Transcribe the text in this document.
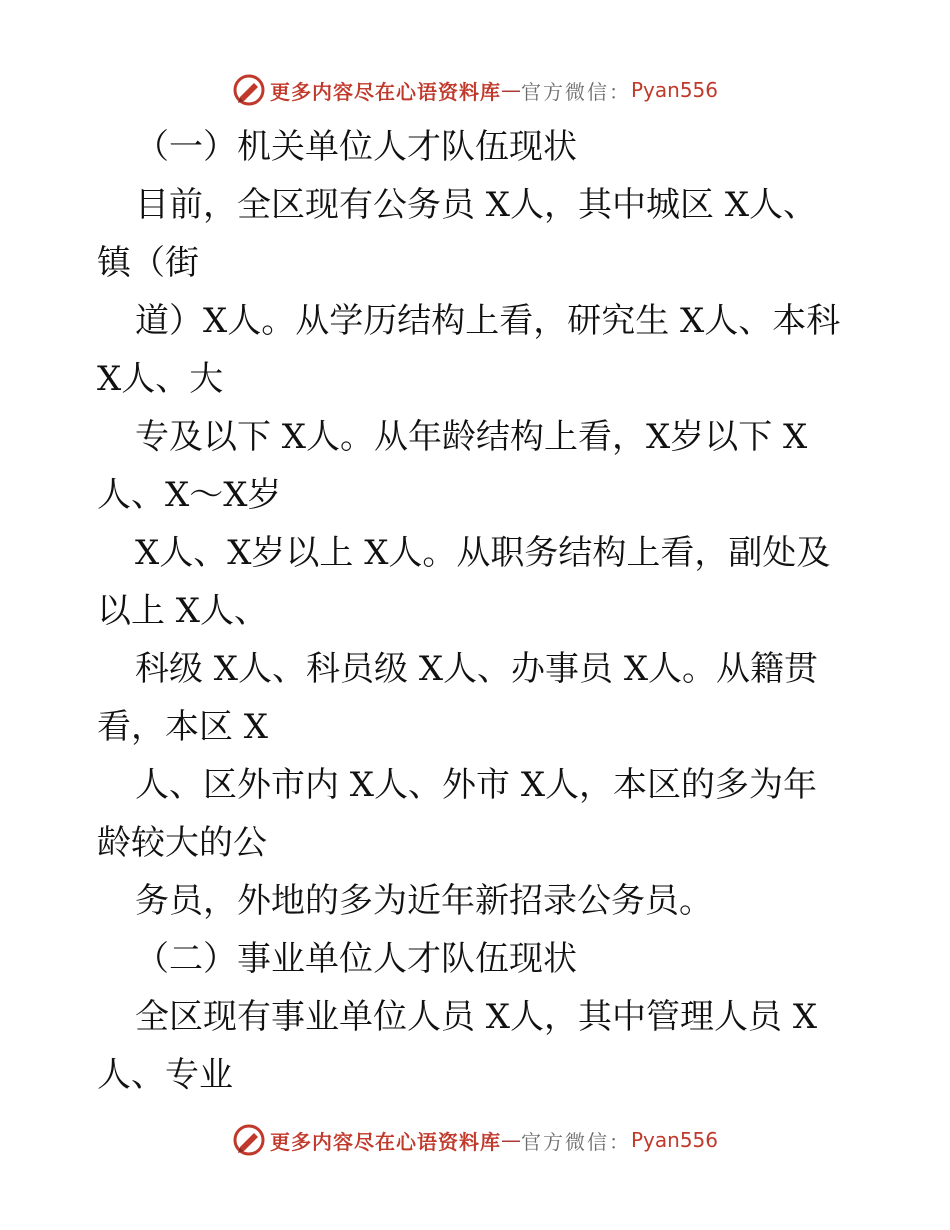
更多内容尽在心语资料库 — 官方微信： Pyan556
（一）机关单位人才队伍现状
目前，全区现有公务员 X人，其中城区 X人、
镇（街
道）X人。从学历结构上看，研究生 X人、本科
X人、大
专及以下 X人。从年龄结构上看，X岁以下 X
人、X～X岁
X人、X岁以上 X人。从职务结构上看，副处及
以上 X人、
科级 X人、科员级 X人、办事员 X人。从籍贯
看，本区 X
人、区外市内 X人、外市 X人，本区的多为年
龄较大的公
务员，外地的多为近年新招录公务员。
（二）事业单位人才队伍现状
全区现有事业单位人员 X人，其中管理人员 X
人、专业
更多内容尽在心语资料库 — 官方微信： Pyan556
